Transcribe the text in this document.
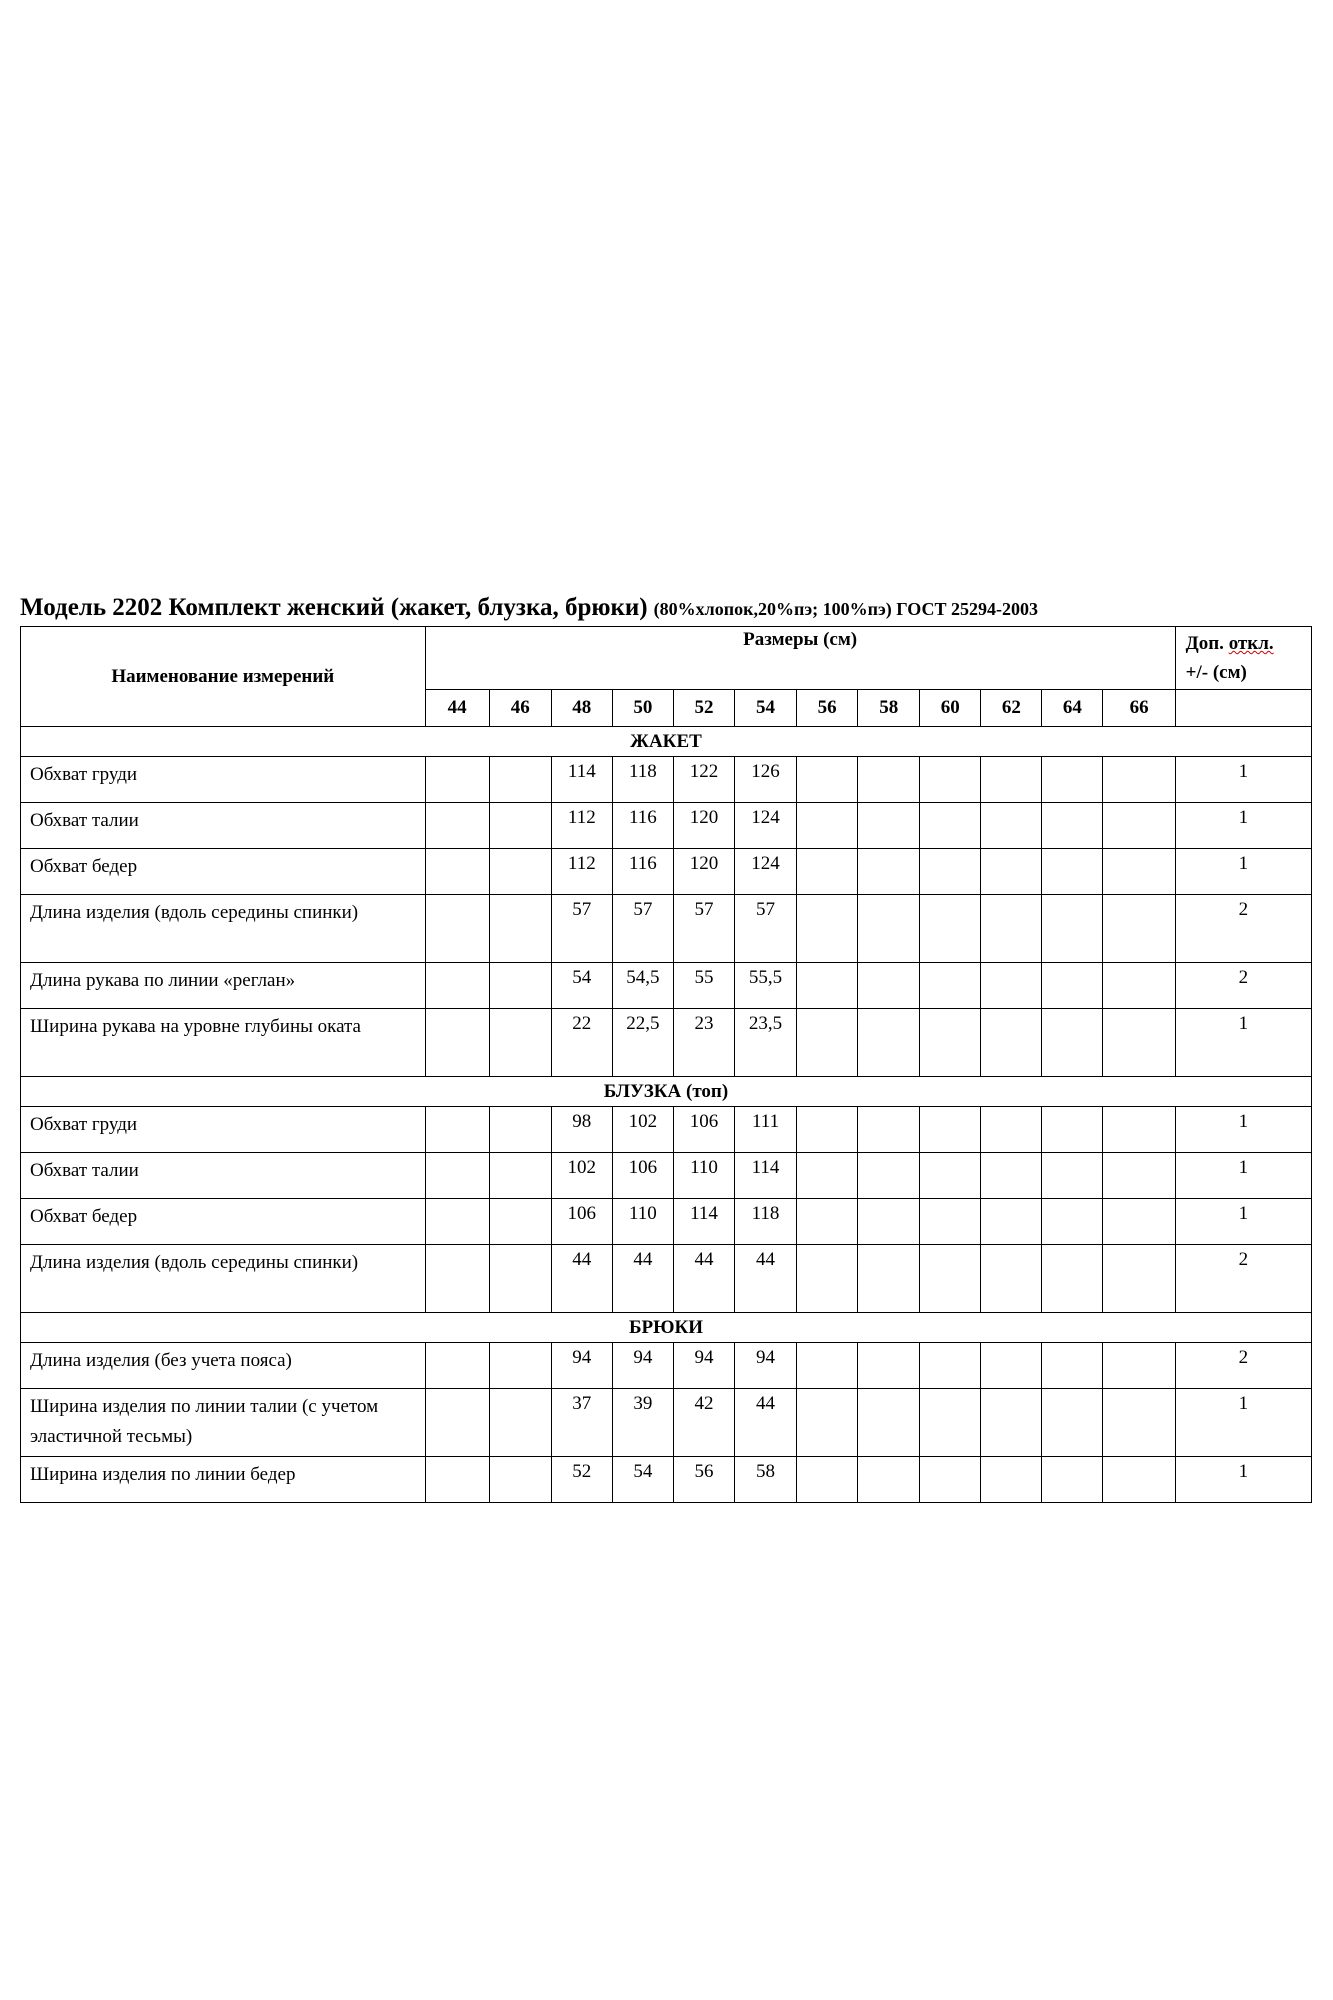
Модель 2202 Комплект женский (жакет, блузка, брюки) (80%хлопок,20%пэ; 100%пэ) ГОСТ 25294-2003
Наименование измерений	Размеры (см)												Доп. откл.
+/- (см)
	44	46	48	50	52	54	56	58	60	62	64	66	
ЖАКЕТ													
Обхват груди			114	118	122	126							1
Обхват талии			112	116	120	124							1
Обхват бедер			112	116	120	124							1
Длина изделия (вдоль середины спинки)			57	57	57	57							2
Длина рукава по линии «реглан»			54	54,5	55	55,5							2
Ширина рукава на уровне глубины оката			22	22,5	23	23,5							1
БЛУЗКА (топ)													
Обхват груди			98	102	106	111							1
Обхват талии			102	106	110	114							1
Обхват бедер			106	110	114	118							1
Длина изделия (вдоль середины спинки)			44	44	44	44							2
БРЮКИ													
Длина изделия (без учета пояса)			94	94	94	94							2
Ширина изделия по линии талии (с учетом эластичной тесьмы)			37	39	42	44							1
Ширина изделия по линии бедер			52	54	56	58							1
